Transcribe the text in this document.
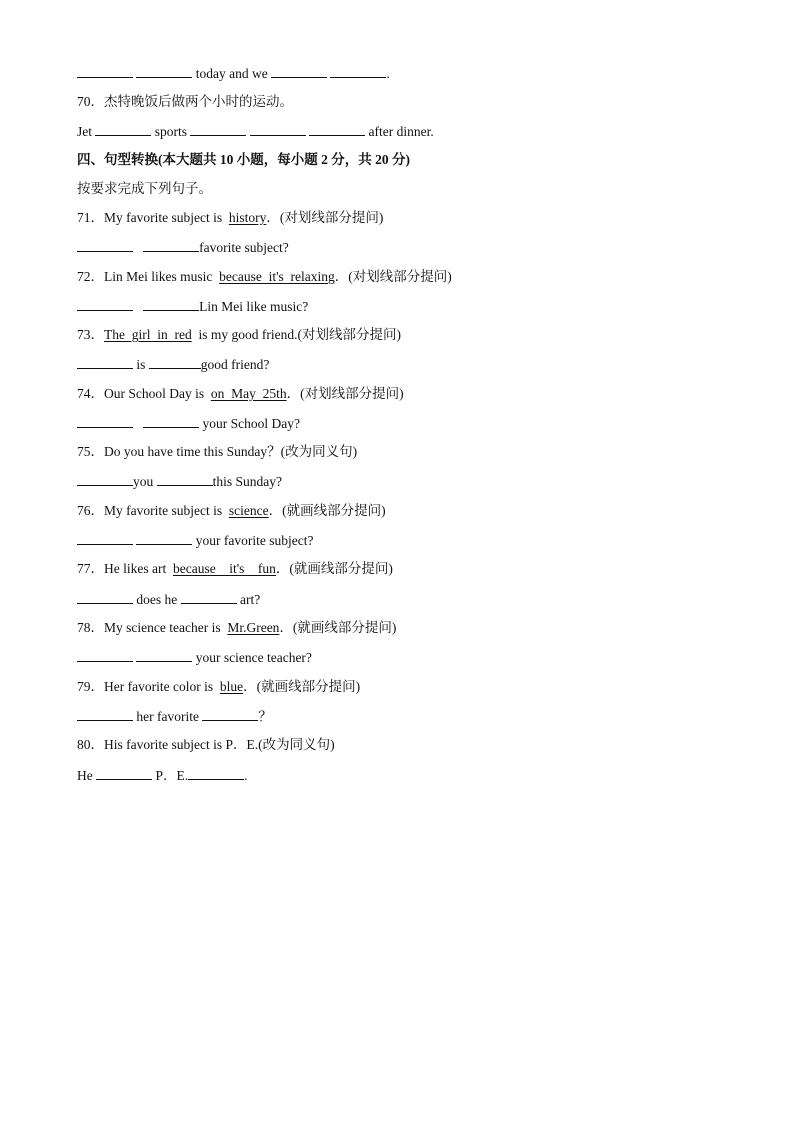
today and we	.
70．杰特晚饭后做两个小时的运动。
Jet	sports	after dinner.
四、句型转换(本大题共 10 小题，每小题 2 分，共 20 分)
按要求完成下列句子。
71．My favorite subject is  history．(对划线部分提问)
favorite subject?
72．Lin Mei likes music  because  it's  relaxing．(对划线部分提问)
Lin Mei like music?
73．The  girl  in  red  is my good friend.(对划线部分提问)
is	good friend?
74．Our School Day is  on  May  25th．(对划线部分提问)
your School Day?
75．Do you have time this Sunday？(改为同义句)
you	this Sunday?
76．My favorite subject is  science．(就画线部分提问)
your favorite subject?
77．He likes art  because    it's    fun．(就画线部分提问)
does he	art?
78．My science teacher is  Mr.Green．(就画线部分提问)
your science teacher?
79．Her favorite color is  blue．(就画线部分提问)
her favorite	？
80．His favorite subject is P．E.(改为同义句)
He	P．E.	.
